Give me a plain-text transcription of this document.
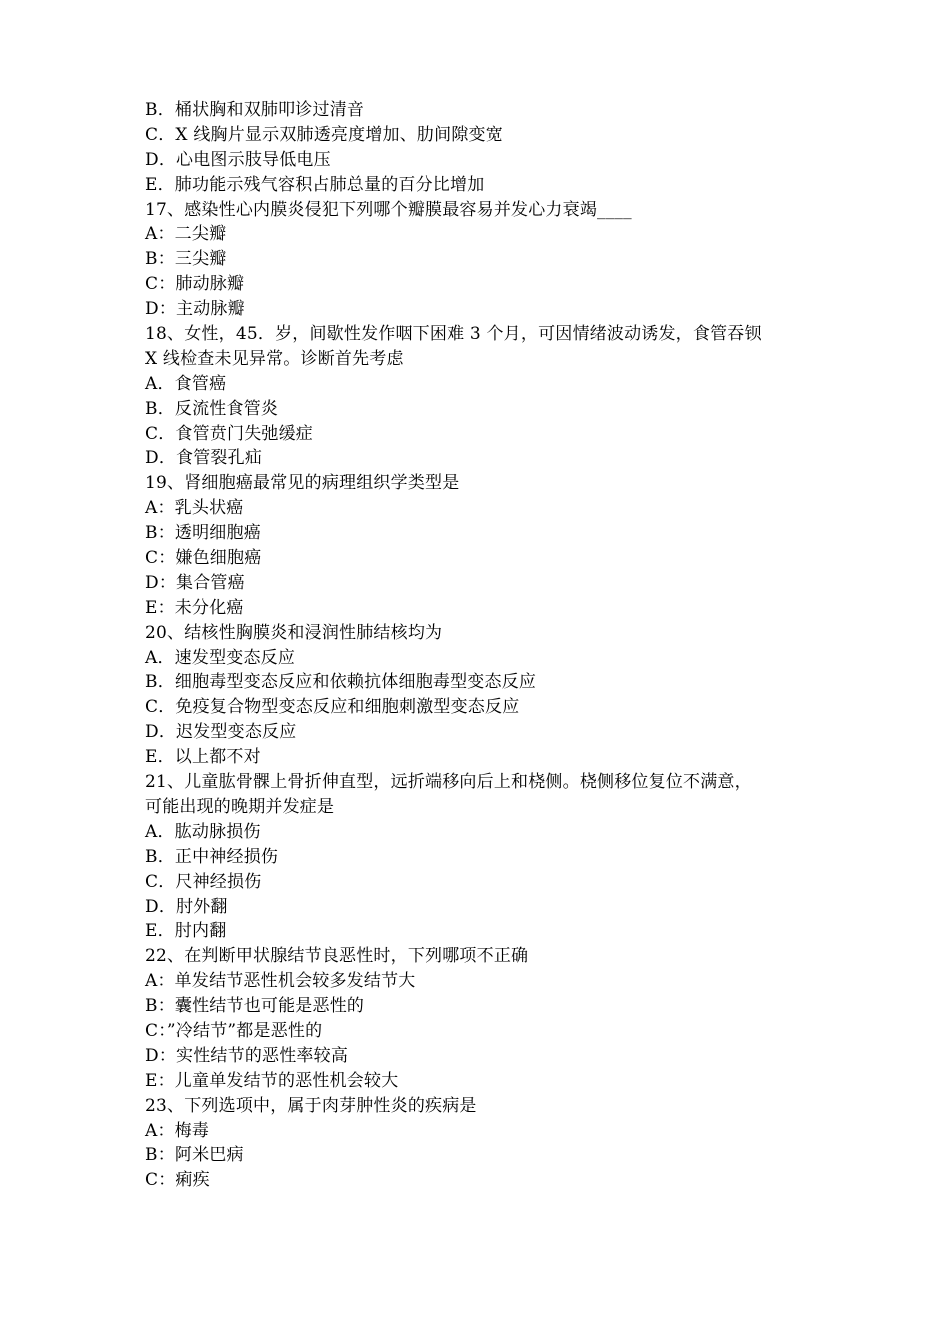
B．桶状胸和双肺叩诊过清音
C．X 线胸片显示双肺透亮度增加、肋间隙变宽
D．心电图示肢导低电压
E．肺功能示残气容积占肺总量的百分比增加
17、感染性心内膜炎侵犯下列哪个瓣膜最容易并发心力衰竭____
A：二尖瓣
B：三尖瓣
C：肺动脉瓣
D：主动脉瓣
18、女性，45．岁，间歇性发作咽下困难 3 个月，可因情绪波动诱发，食管吞钡
X 线检查未见异常。诊断首先考虑
A．食管癌
B．反流性食管炎
C．食管贲门失弛缓症
D．食管裂孔疝
19、肾细胞癌最常见的病理组织学类型是
A：乳头状癌
B：透明细胞癌
C：嫌色细胞癌
D：集合管癌
E：未分化癌
20、结核性胸膜炎和浸润性肺结核均为
A．速发型变态反应
B．细胞毒型变态反应和依赖抗体细胞毒型变态反应
C．免疫复合物型变态反应和细胞刺激型变态反应
D．迟发型变态反应
E．以上都不对
21、儿童肱骨髁上骨折伸直型，远折端移向后上和桡侧。桡侧移位复位不满意，
可能出现的晚期并发症是
A．肱动脉损伤
B．正中神经损伤
C．尺神经损伤
D．肘外翻
E．肘内翻
22、在判断甲状腺结节良恶性时，下列哪项不正确
A：单发结节恶性机会较多发结节大
B：囊性结节也可能是恶性的
C：”冷结节”都是恶性的
D：实性结节的恶性率较高
E：儿童单发结节的恶性机会较大
23、下列选项中，属于肉芽肿性炎的疾病是
A：梅毒
B：阿米巴病
C：痢疾
